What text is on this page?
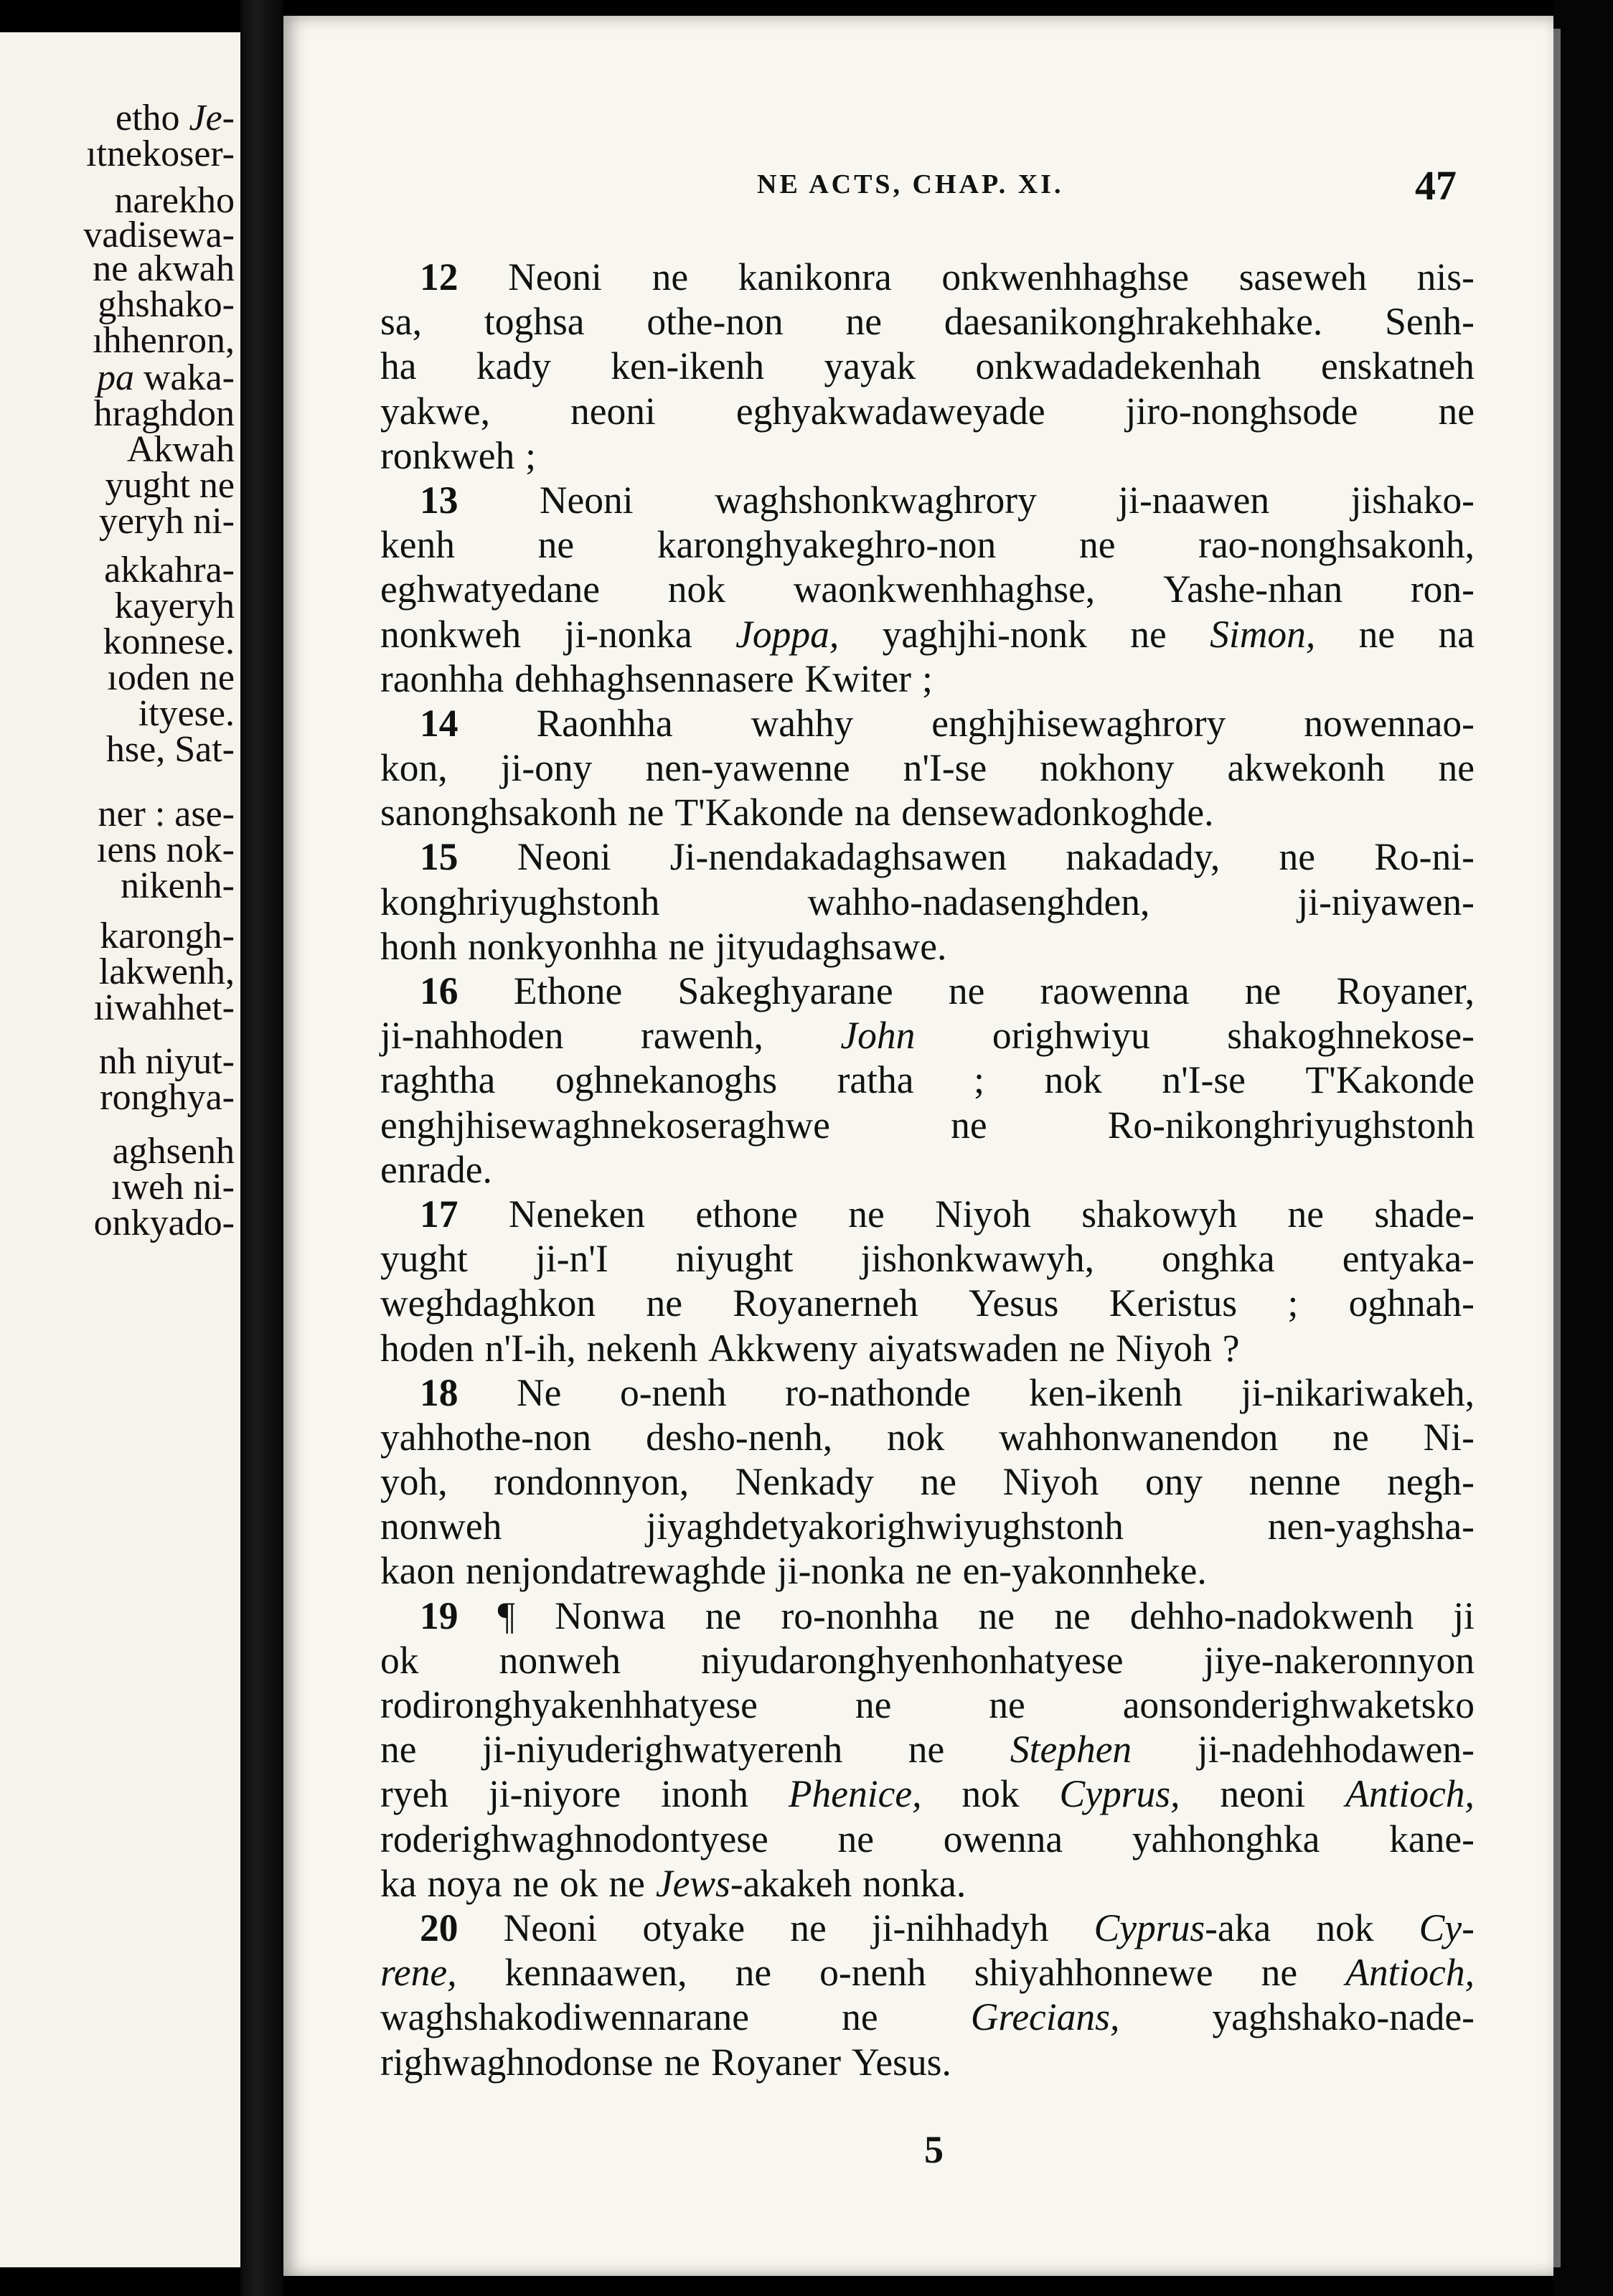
etho Je-
ıtnekoser-
narekho
vadisewa-
ne akwah
ghshako-
ıhhenron,
pa waka-
hraghdon
Akwah
yught ne
yeryh ni-
akkahra-
kayeryh
konnese.
ıoden ne
ityese.
hse, Sat-
ner : ase-
ıens nok-
nikenh-
karongh-
lakwenh,
ıiwahhet-
nh niyut-
ronghya-
aghsenh
ıweh ni-
onkyado-
NE ACTS, CHAP. XI.	47
12 Neoni ne kanikonra onkwenhhaghse saseweh nis-
sa, toghsa othe-non ne daesanikonghrakehhake. Senh-
ha kady ken-ikenh yayak onkwadadekenhah enskatneh
yakwe, neoni eghyakwadaweyade jiro-nonghsode ne
ronkweh ;
13 Neoni waghshonkwaghrory ji-naawen jishako-
kenh ne karonghyakeghro-non ne rao-nonghsakonh,
eghwatyedane nok waonkwenhhaghse, Yashe-nhan ron-
nonkweh ji-nonka Joppa, yaghjhi-nonk ne Simon, ne na
raonhha dehhaghsennasere Kwiter ;
14 Raonhha wahhy enghjhisewaghrory nowennao-
kon, ji-ony nen-yawenne n'I-se nokhony akwekonh ne
sanonghsakonh ne T'Kakonde na densewadonkoghde.
15 Neoni Ji-nendakadaghsawen nakadady, ne Ro-ni-
konghriyughstonh	wahho-nadasenghden,	ji-niyawen-
honh nonkyonhha ne jityudaghsawe.
16 Ethone Sakeghyarane ne raowenna ne Royaner,
ji-nahhoden rawenh, John orighwiyu shakoghnekose-
raghtha oghnekanoghs ratha ; nok n'I-se T'Kakonde
enghjhisewaghnekoseraghwe	ne	Ro-nikonghriyughstonh
enrade.
17 Neneken ethone ne Niyoh shakowyh ne shade-
yught ji-n'I niyught jishonkwawyh, onghka entyaka-
weghdaghkon ne Royanerneh Yesus Keristus ; oghnah-
hoden n'I-ih, nekenh Akkweny aiyatswaden ne Niyoh ?
18 Ne o-nenh ro-nathonde ken-ikenh ji-nikariwakeh,
yahhothe-non desho-nenh, nok wahhonwanendon ne Ni-
yoh, rondonnyon, Nenkady ne Niyoh ony nenne negh-
nonweh	jiyaghdetyakorighwiyughstonh	nen-yaghsha-
kaon nenjondatrewaghde ji-nonka ne en-yakonnheke.
19 ¶ Nonwa ne ro-nonhha ne ne dehho-nadokwenh ji
ok nonweh niyudaronghyenhonhatyese jiye-nakeronnyon
rodironghyakenhhatyese	ne	ne	aonsonderighwaketsko
ne ji-niyuderighwatyerenh ne Stephen ji-nadehhodawen-
ryeh ji-niyore inonh Phenice, nok Cyprus, neoni Antioch,
roderighwaghnodontyese ne owenna yahhonghka kane-
ka noya ne ok ne Jews-akakeh nonka.
20 Neoni otyake ne ji-nihhadyh Cyprus-aka nok Cy-
rene, kennaawen, ne o-nenh shiyahhonnewe ne Antioch,
waghshakodiwennarane ne Grecians, yaghshako-nade-
righwaghnodonse ne Royaner Yesus.
5
